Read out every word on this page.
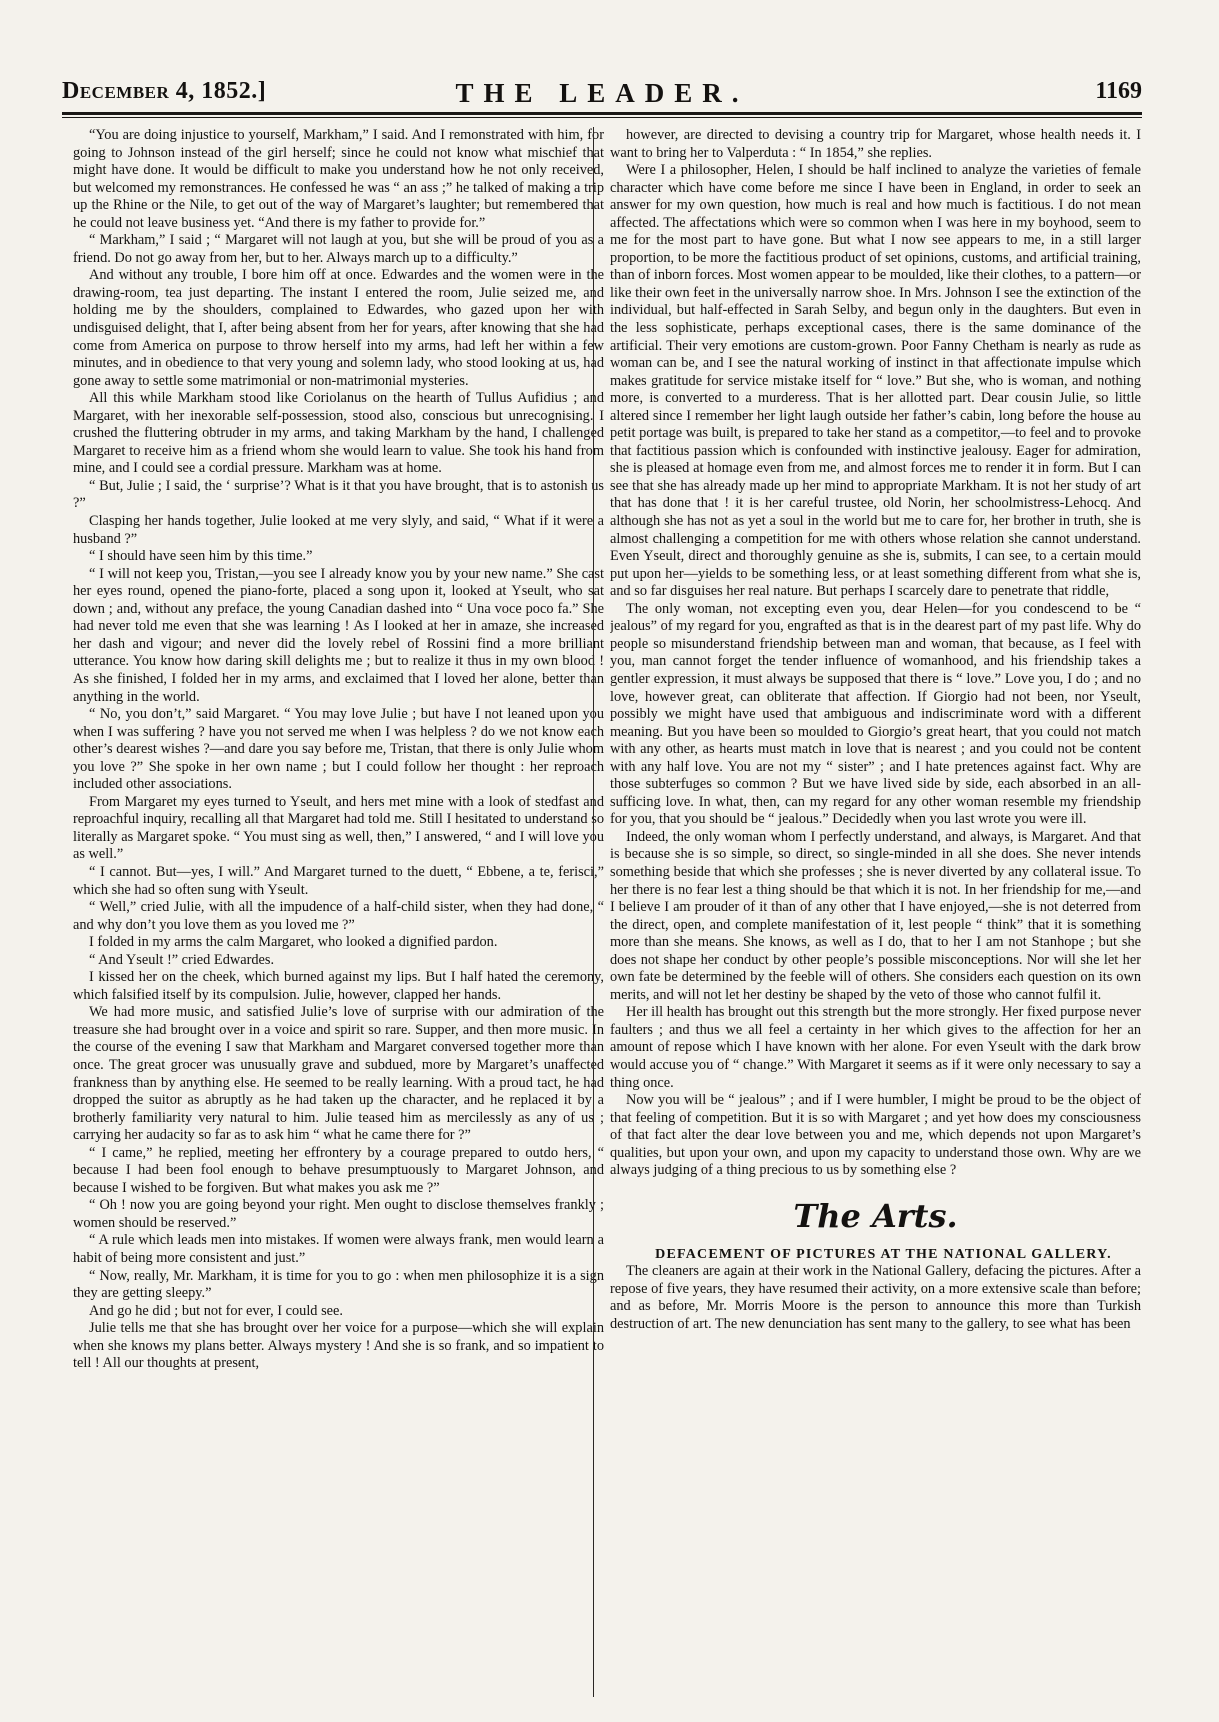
December 4, 1852.]	THE LEADER.	1169

“You are doing injustice to yourself, Markham,” I said. And I remonstrated with him, for going to Johnson instead of the girl herself; since he could not know what mischief that might have done. It would be difficult to make you understand how he not only received, but welcomed my remonstrances. He confessed he was “ an ass ;” he talked of making a trip up the Rhine or the Nile, to get out of the way of Margaret’s laughter; but remembered that he could not leave business yet. “And there is my father to provide for.”

“ Markham,” I said ; “ Margaret will not laugh at you, but she will be proud of you as a friend. Do not go away from her, but to her. Always march up to a difficulty.”

And without any trouble, I bore him off at once. Edwardes and the women were in the drawing-room, tea just departing. The instant I entered the room, Julie seized me, and holding me by the shoulders, complained to Edwardes, who gazed upon her with undisguised delight, that I, after being absent from her for years, after knowing that she had come from America on purpose to throw herself into my arms, had left her within a few minutes, and in obedience to that very young and solemn lady, who stood looking at us, had gone away to settle some matrimonial or non-matrimonial mysteries.

All this while Markham stood like Coriolanus on the hearth of Tullus Aufidius ; and Margaret, with her inexorable self-possession, stood also, conscious but unrecognising. I crushed the fluttering obtruder in my arms, and taking Markham by the hand, I challenged Margaret to receive him as a friend whom she would learn to value. She took his hand from mine, and I could see a cordial pressure. Markham was at home.

“ But, Julie ; I said, the ‘ surprise’? What is it that you have brought, that is to astonish us ?”

Clasping her hands together, Julie looked at me very slyly, and said, “ What if it were a husband ?”

“ I should have seen him by this time.”

“ I will not keep you, Tristan,—you see I already know you by your new name.” She cast her eyes round, opened the piano-forte, placed a song upon it, looked at Yseult, who sat down ; and, without any preface, the young Canadian dashed into “ Una voce poco fa.” She had never told me even that she was learning ! As I looked at her in amaze, she increased her dash and vigour; and never did the lovely rebel of Rossini find a more brilliant utterance. You know how daring skill delights me ; but to realize it thus in my own blood ! As she finished, I folded her in my arms, and exclaimed that I loved her alone, better than anything in the world.

“ No, you don’t,” said Margaret. “ You may love Julie ; but have I not leaned upon you when I was suffering ? have you not served me when I was helpless ? do we not know each other’s dearest wishes ?—and dare you say before me, Tristan, that there is only Julie whom you love ?” She spoke in her own name ; but I could follow her thought : her reproach included other associations.

From Margaret my eyes turned to Yseult, and hers met mine with a look of stedfast and reproachful inquiry, recalling all that Margaret had told me. Still I hesitated to understand so literally as Margaret spoke. “ You must sing as well, then,” I answered, “ and I will love you as well.”

“ I cannot. But—yes, I will.” And Margaret turned to the duett, “ Ebbene, a te, ferisci,” which she had so often sung with Yseult.

“ Well,” cried Julie, with all the impudence of a half-child sister, when they had done, “ and why don’t you love them as you loved me ?”

I folded in my arms the calm Margaret, who looked a dignified pardon.

“ And Yseult !” cried Edwardes.

I kissed her on the cheek, which burned against my lips. But I half hated the ceremony, which falsified itself by its compulsion. Julie, however, clapped her hands.

We had more music, and satisfied Julie’s love of surprise with our admiration of the treasure she had brought over in a voice and spirit so rare. Supper, and then more music. In the course of the evening I saw that Markham and Margaret conversed together more than once. The great grocer was unusually grave and subdued, more by Margaret’s unaffected frankness than by anything else. He seemed to be really learning. With a proud tact, he had dropped the suitor as abruptly as he had taken up the character, and he replaced it by a brotherly familiarity very natural to him. Julie teased him as mercilessly as any of us ; carrying her audacity so far as to ask him “ what he came there for ?”

“ I came,” he replied, meeting her effrontery by a courage prepared to outdo hers, “ because I had been fool enough to behave presumptuously to Margaret Johnson, and because I wished to be forgiven. But what makes you ask me ?”

“ Oh ! now you are going beyond your right. Men ought to disclose themselves frankly ; women should be reserved.”

“ A rule which leads men into mistakes. If women were always frank, men would learn a habit of being more consistent and just.”

“ Now, really, Mr. Markham, it is time for you to go : when men philosophize it is a sign they are getting sleepy.”

And go he did ; but not for ever, I could see.

Julie tells me that she has brought over her voice for a purpose—which she will explain when she knows my plans better. Always mystery ! And she is so frank, and so impatient to tell ! All our thoughts at present,

however, are directed to devising a country trip for Margaret, whose health needs it. I want to bring her to Valperduta : “ In 1854,” she replies.

Were I a philosopher, Helen, I should be half inclined to analyze the varieties of female character which have come before me since I have been in England, in order to seek an answer for my own question, how much is real and how much is factitious. I do not mean affected. The affectations which were so common when I was here in my boyhood, seem to me for the most part to have gone. But what I now see appears to me, in a still larger proportion, to be more the factitious product of set opinions, customs, and artificial training, than of inborn forces. Most women appear to be moulded, like their clothes, to a pattern—or like their own feet in the universally narrow shoe. In Mrs. Johnson I see the extinction of the individual, but half-effected in Sarah Selby, and begun only in the daughters. But even in the less sophisticate, perhaps exceptional cases, there is the same dominance of the artificial. Their very emotions are custom-grown. Poor Fanny Chetham is nearly as rude as woman can be, and I see the natural working of instinct in that affectionate impulse which makes gratitude for service mistake itself for “ love.” But she, who is woman, and nothing more, is converted to a murderess. That is her allotted part. Dear cousin Julie, so little altered since I remember her light laugh outside her father’s cabin, long before the house au petit portage was built, is prepared to take her stand as a competitor,—to feel and to provoke that factitious passion which is confounded with instinctive jealousy. Eager for admiration, she is pleased at homage even from me, and almost forces me to render it in form. But I can see that she has already made up her mind to appropriate Markham. It is not her study of art that has done that ! it is her careful trustee, old Norin, her schoolmistress-Lehocq. And although she has not as yet a soul in the world but me to care for, her brother in truth, she is almost challenging a competition for me with others whose relation she cannot understand. Even Yseult, direct and thoroughly genuine as she is, submits, I can see, to a certain mould put upon her—yields to be something less, or at least something different from what she is, and so far disguises her real nature. But perhaps I scarcely dare to penetrate that riddle,

The only woman, not excepting even you, dear Helen—for you condescend to be “ jealous” of my regard for you, engrafted as that is in the dearest part of my past life. Why do people so misunderstand friendship between man and woman, that because, as I feel with you, man cannot forget the tender influence of womanhood, and his friendship takes a gentler expression, it must always be supposed that there is “ love.” Love you, I do ; and no love, however great, can obliterate that affection. If Giorgio had not been, nor Yseult, possibly we might have used that ambiguous and indiscriminate word with a different meaning. But you have been so moulded to Giorgio’s great heart, that you could not match with any other, as hearts must match in love that is nearest ; and you could not be content with any half love. You are not my “ sister” ; and I hate pretences against fact. Why are those subterfuges so common ? But we have lived side by side, each absorbed in an all-sufficing love. In what, then, can my regard for any other woman resemble my friendship for you, that you should be “ jealous.” Decidedly when you last wrote you were ill.

Indeed, the only woman whom I perfectly understand, and always, is Margaret. And that is because she is so simple, so direct, so single-minded in all she does. She never intends something beside that which she professes ; she is never diverted by any collateral issue. To her there is no fear lest a thing should be that which it is not. In her friendship for me,—and I believe I am prouder of it than of any other that I have enjoyed,—she is not deterred from the direct, open, and complete manifestation of it, lest people “ think” that it is something more than she means. She knows, as well as I do, that to her I am not Stanhope ; but she does not shape her conduct by other people’s possible misconceptions. Nor will she let her own fate be determined by the feeble will of others. She considers each question on its own merits, and will not let her destiny be shaped by the veto of those who cannot fulfil it.

Her ill health has brought out this strength but the more strongly. Her fixed purpose never faulters ; and thus we all feel a certainty in her which gives to the affection for her an amount of repose which I have known with her alone. For even Yseult with the dark brow would accuse you of “ change.” With Margaret it seems as if it were only necessary to say a thing once.

Now you will be “ jealous” ; and if I were humbler, I might be proud to be the object of that feeling of competition. But it is so with Margaret ; and yet how does my consciousness of that fact alter the dear love between you and me, which depends not upon Margaret’s qualities, but upon your own, and upon my capacity to understand those own. Why are we always judging of a thing precious to us by something else ?

The Arts.

DEFACEMENT OF PICTURES AT THE NATIONAL GALLERY.

The cleaners are again at their work in the National Gallery, defacing the pictures. After a repose of five years, they have resumed their activity, on a more extensive scale than before; and as before, Mr. Morris Moore is the person to announce this more than Turkish destruction of art. The new denunciation has sent many to the gallery, to see what has been
